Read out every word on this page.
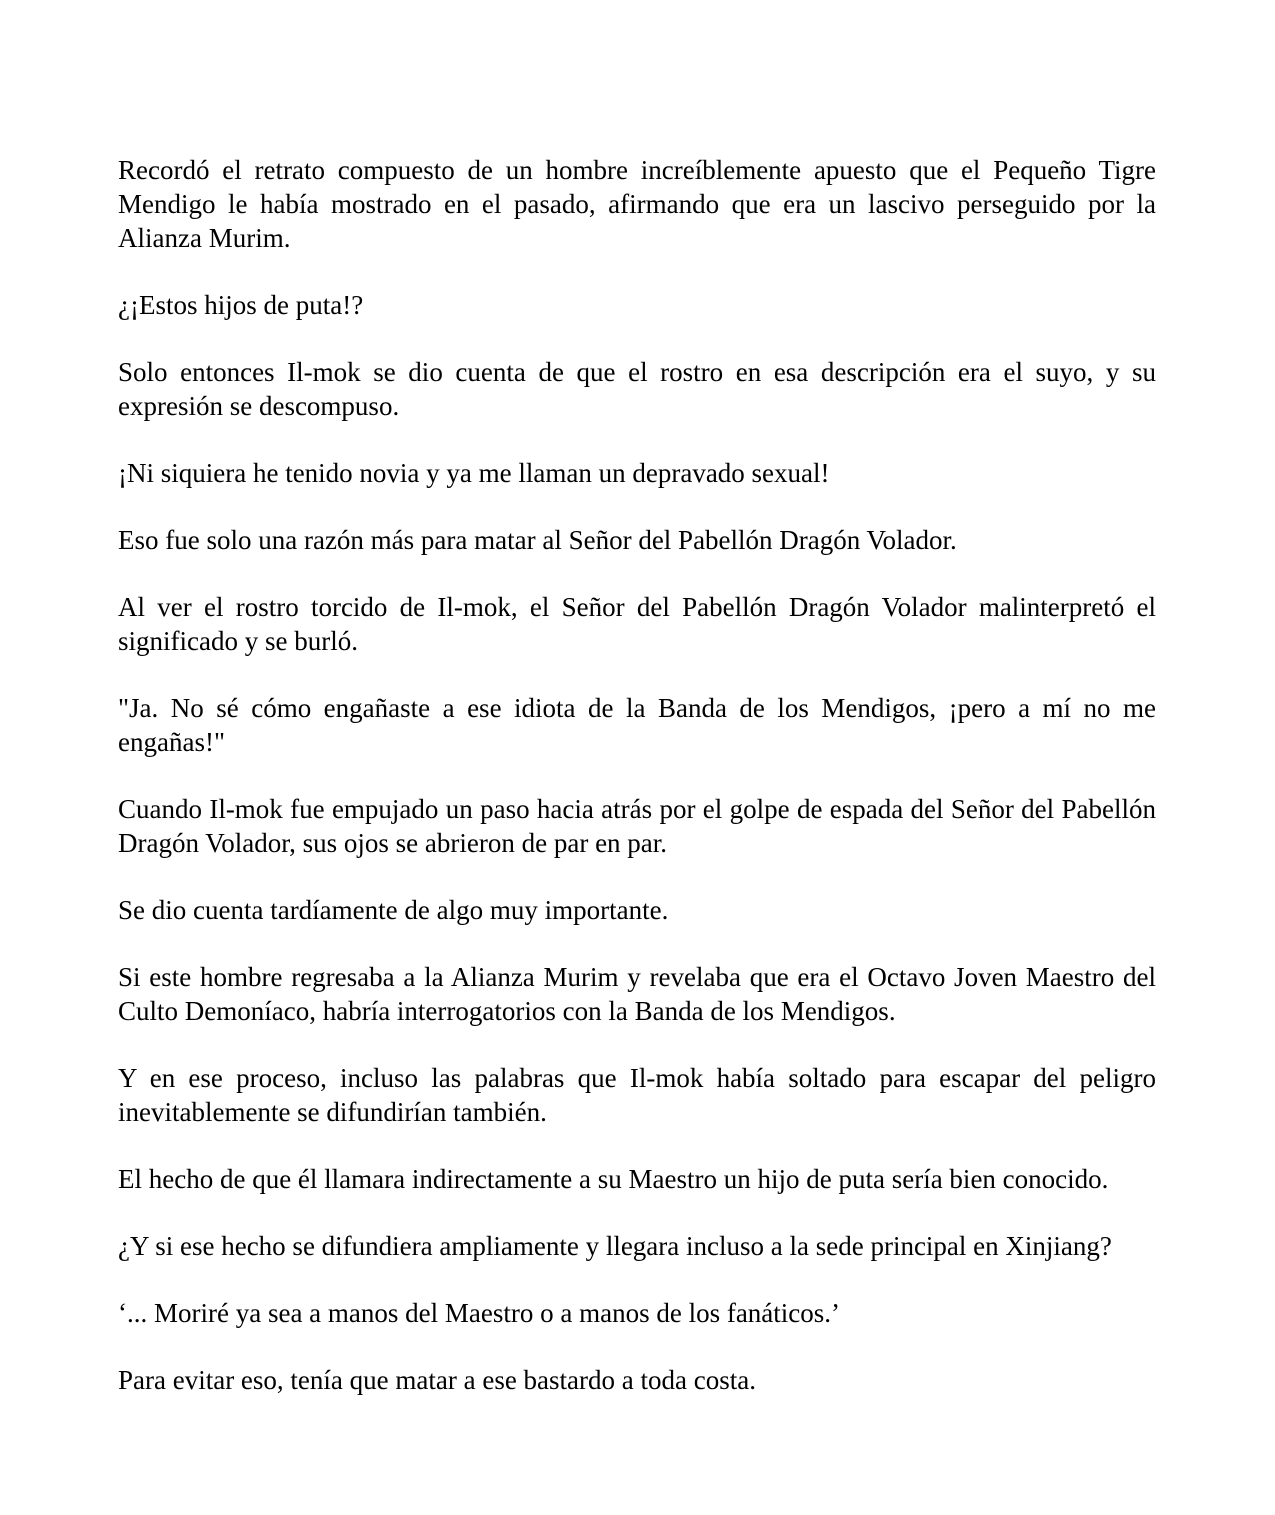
Recordó el retrato compuesto de un hombre increíblemente apuesto que el Pequeño Tigre Mendigo le había mostrado en el pasado, afirmando que era un lascivo perseguido por la Alianza Murim.

¿¡Estos hijos de puta!?

Solo entonces Il-mok se dio cuenta de que el rostro en esa descripción era el suyo, y su expresión se descompuso.

¡Ni siquiera he tenido novia y ya me llaman un depravado sexual!

Eso fue solo una razón más para matar al Señor del Pabellón Dragón Volador.

Al ver el rostro torcido de Il-mok, el Señor del Pabellón Dragón Volador malinterpretó el significado y se burló.

"Ja. No sé cómo engañaste a ese idiota de la Banda de los Mendigos, ¡pero a mí no me engañas!"

Cuando Il-mok fue empujado un paso hacia atrás por el golpe de espada del Señor del Pabellón Dragón Volador, sus ojos se abrieron de par en par.

Se dio cuenta tardíamente de algo muy importante.

Si este hombre regresaba a la Alianza Murim y revelaba que era el Octavo Joven Maestro del Culto Demoníaco, habría interrogatorios con la Banda de los Mendigos.

Y en ese proceso, incluso las palabras que Il-mok había soltado para escapar del peligro inevitablemente se difundirían también.

El hecho de que él llamara indirectamente a su Maestro un hijo de puta sería bien conocido.

¿Y si ese hecho se difundiera ampliamente y llegara incluso a la sede principal en Xinjiang?

‘... Moriré ya sea a manos del Maestro o a manos de los fanáticos.’

Para evitar eso, tenía que matar a ese bastardo a toda costa.
